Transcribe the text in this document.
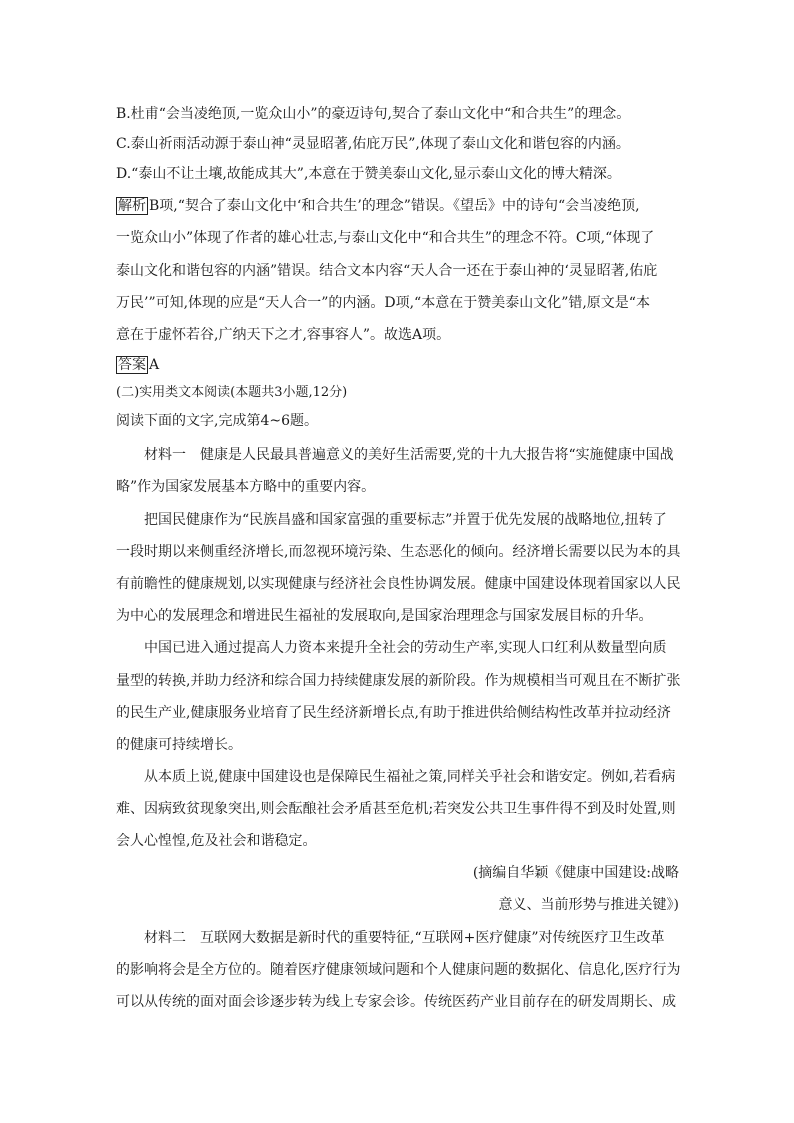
B.杜甫“会当凌绝顶,一览众山小”的豪迈诗句,契合了泰山文化中“和合共生”的理念。
C.泰山祈雨活动源于泰山神“灵显昭著,佑庇万民”,体现了泰山文化和谐包容的内涵。
D.“泰山不让土壤,故能成其大”,本意在于赞美泰山文化,显示泰山文化的博大精深。
解析 B项,“契合了泰山文化中‘和合共生’的理念”错误。《望岳》中的诗句“会当凌绝顶,
一览众山小”体现了作者的雄心壮志,与泰山文化中“和合共生”的理念不符。C项,“体现了
泰山文化和谐包容的内涵”错误。结合文本内容“天人合一还在于泰山神的‘灵显昭著,佑庇
万民’”可知,体现的应是“天人合一”的内涵。D项,“本意在于赞美泰山文化”错,原文是“本
意在于虚怀若谷,广纳天下之才,容事容人”。故选A项。
答案 A
(二)实用类文本阅读(本题共3小题,12分)
阅读下面的文字,完成第4~6题。
材料一　健康是人民最具普遍意义的美好生活需要,党的十九大报告将“实施健康中国战
略”作为国家发展基本方略中的重要内容。
把国民健康作为“民族昌盛和国家富强的重要标志”并置于优先发展的战略地位,扭转了
一段时期以来侧重经济增长,而忽视环境污染、生态恶化的倾向。经济增长需要以民为本的具
有前瞻性的健康规划,以实现健康与经济社会良性协调发展。健康中国建设体现着国家以人民
为中心的发展理念和增进民生福祉的发展取向,是国家治理理念与国家发展目标的升华。
中国已进入通过提高人力资本来提升全社会的劳动生产率,实现人口红利从数量型向质
量型的转换,并助力经济和综合国力持续健康发展的新阶段。作为规模相当可观且在不断扩张
的民生产业,健康服务业培育了民生经济新增长点,有助于推进供给侧结构性改革并拉动经济
的健康可持续增长。
从本质上说,健康中国建设也是保障民生福祉之策,同样关乎社会和谐安定。例如,若看病
难、因病致贫现象突出,则会酝酿社会矛盾甚至危机;若突发公共卫生事件得不到及时处置,则
会人心惶惶,危及社会和谐稳定。
(摘编自华颖《健康中国建设:战略
意义、当前形势与推进关键》)
材料二　互联网大数据是新时代的重要特征,“互联网+医疗健康”对传统医疗卫生改革
的影响将会是全方位的。随着医疗健康领域问题和个人健康问题的数据化、信息化,医疗行为
可以从传统的面对面会诊逐步转为线上专家会诊。传统医药产业目前存在的研发周期长、成
